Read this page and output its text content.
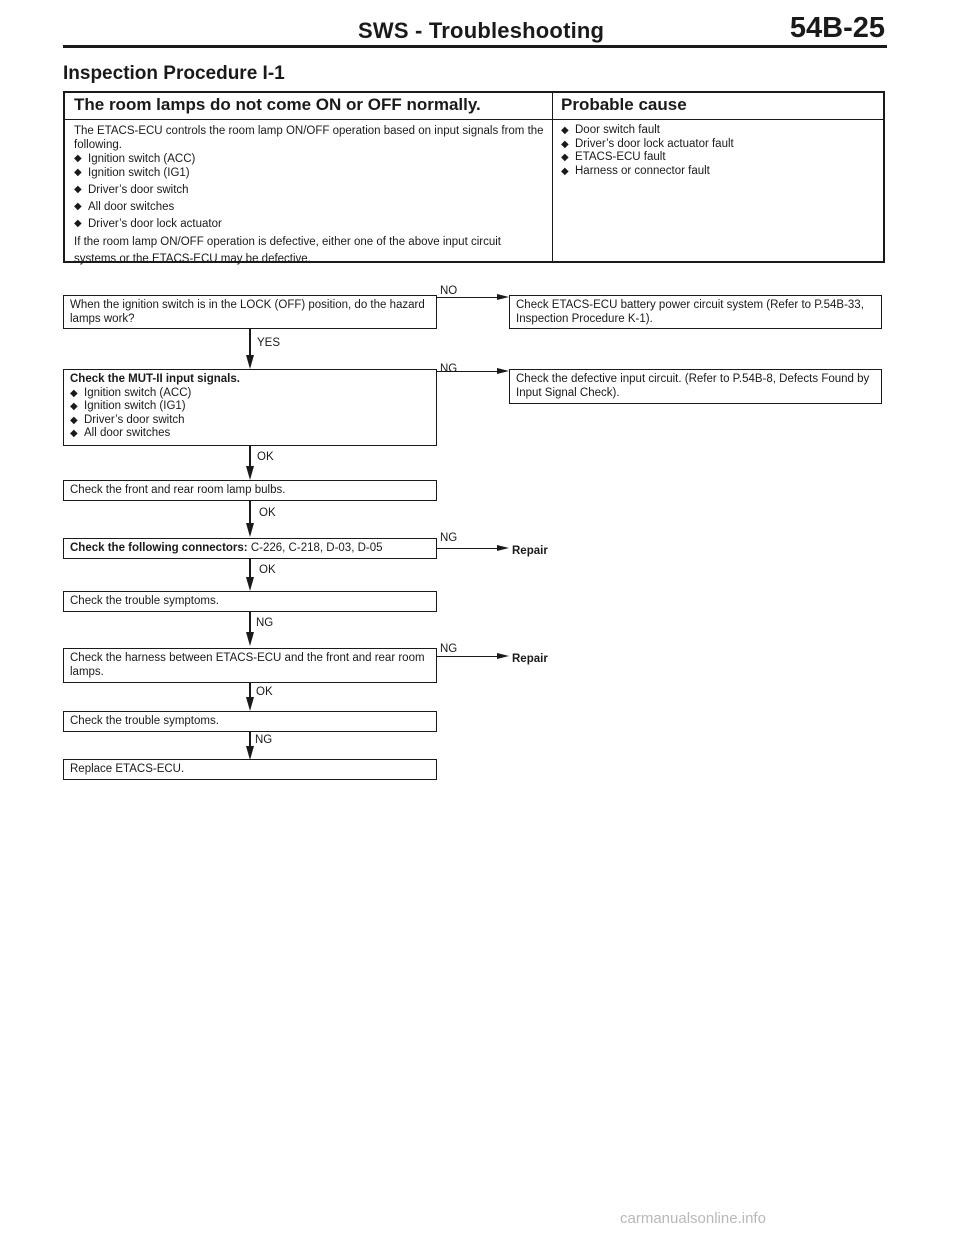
SWS - Troubleshooting	54B-25
Inspection Procedure I-1
The room lamps do not come ON or OFF normally.	Probable cause
The ETACS-ECU controls the room lamp ON/OFF operation based on input signals from the following.
◆ Ignition switch (ACC)
◆ Ignition switch (IG1)
◆ Driver’s door switch
◆ All door switches
◆ Driver’s door lock actuator
If the room lamp ON/OFF operation is defective, either one of the above input circuit systems or the ETACS-ECU may be defective.
◆ Door switch fault
◆ Driver’s door lock actuator fault
◆ ETACS-ECU fault
◆ Harness or connector fault
When the ignition switch is in the LOCK (OFF) position, do the hazard lamps work?
NO
Check ETACS-ECU battery power circuit system (Refer to P.54B-33, Inspection Procedure K-1).
YES
Check the MUT-II input signals.
◆ Ignition switch (ACC)
◆ Ignition switch (IG1)
◆ Driver’s door switch
◆ All door switches
NG
Check the defective input circuit. (Refer to P.54B-8, Defects Found by Input Signal Check).
OK
Check the front and rear room lamp bulbs.
OK
Check the following connectors: C-226, C-218, D-03, D-05
NG
Repair
OK
Check the trouble symptoms.
NG
Check the harness between ETACS-ECU and the front and rear room lamps.
NG
Repair
OK
Check the trouble symptoms.
NG
Replace ETACS-ECU.
carmanualsonline.info
